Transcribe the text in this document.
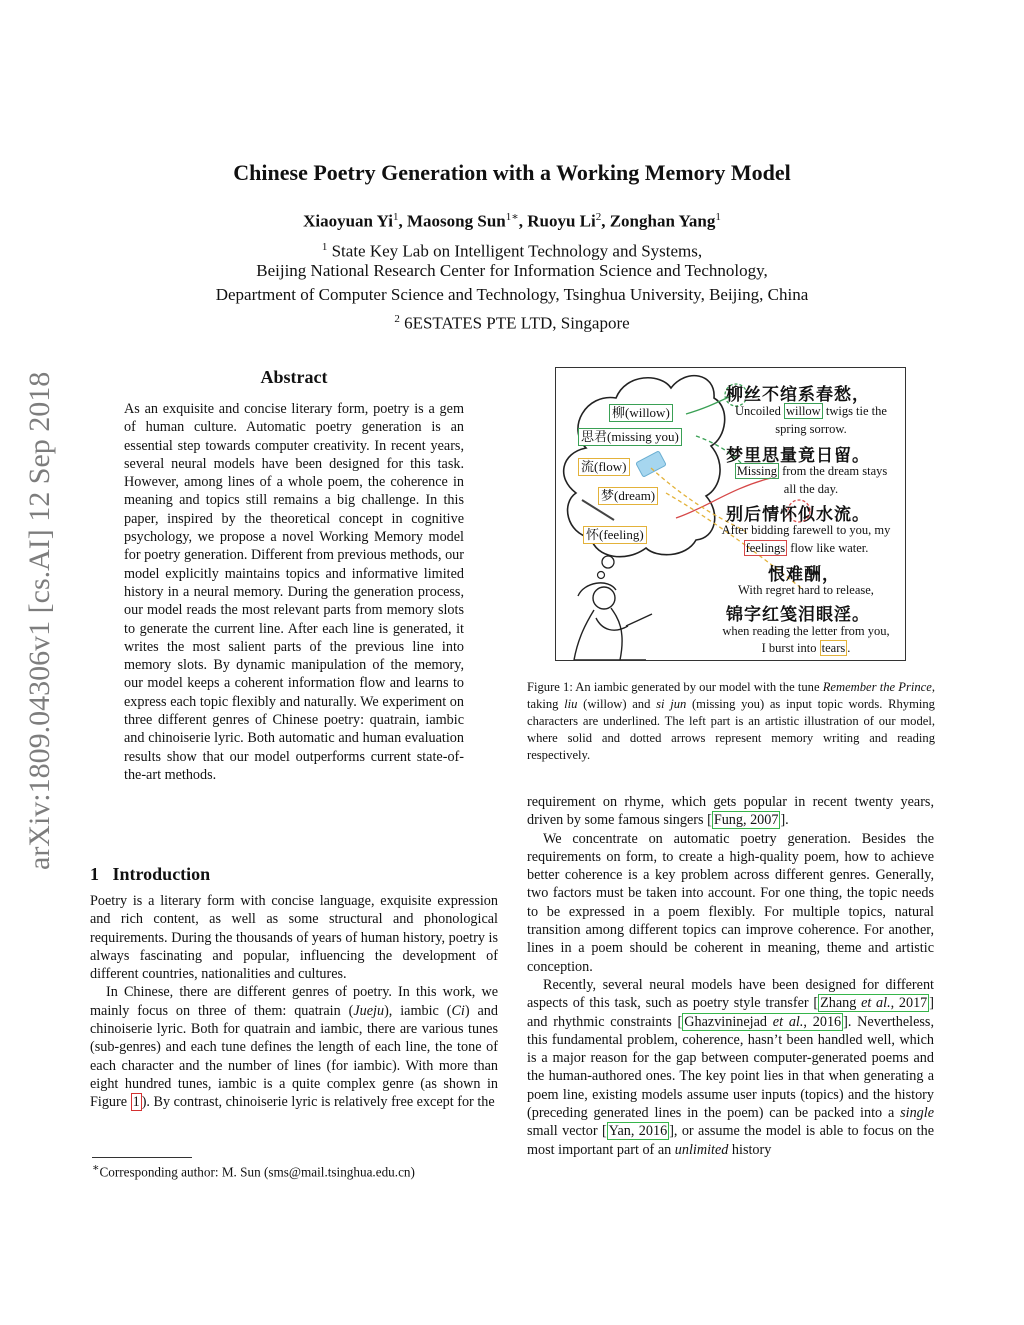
arXiv:1809.04306v1 [cs.AI] 12 Sep 2018
Chinese Poetry Generation with a Working Memory Model
Xiaoyuan Yi$^1$, Maosong Sun$^{1∗}$, Ruoyu Li$^2$, Zonghan Yang$^1$
$^1$ State Key Lab on Intelligent Technology and Systems,
Beijing National Research Center for Information Science and Technology,
Department of Computer Science and Technology, Tsinghua University, Beijing, China
$^2$ 6ESTATES PTE LTD, Singapore
Abstract

As an exquisite and concise literary form, poetry is a gem of human culture. Automatic poetry generation is an essential step towards computer creativity. In recent years, several neural models have been designed for this task. However, among lines of a whole poem, the coherence in meaning and topics still remains a big challenge. In this paper, inspired by the theoretical concept in cognitive psychology, we propose a novel Working Memory model for poetry generation. Different from previous methods, our model explicitly maintains topics and informative limited history in a neural memory. During the generation process, our model reads the most relevant parts from memory slots to generate the current line. After each line is generated, it writes the most salient parts of the previous line into memory slots. By dynamic manipulation of the memory, our model keeps a coherent information flow and learns to express each topic flexibly and naturally. We experiment on three different genres of Chinese poetry: quatrain, iambic and chinoiserie lyric. Both automatic and human evaluation results show that our model outperforms current state-of-the-art methods.

1 Introduction

Poetry is a literary form with concise language, exquisite expression and rich content, as well as some structural and phonological requirements. During the thousands of years of human history, poetry is always fascinating and popular, influencing the development of different countries, nationalities and cultures.

In Chinese, there are different genres of poetry. In this work, we mainly focus on three of them: quatrain (Jueju), iambic (Ci) and chinoiserie lyric. Both for quatrain and iambic, there are various tunes (sub-genres) and each tune defines the length of each line, the tone of each character and the number of lines (for iambic). With more than eight hundred tunes, iambic is a quite complex genre (as shown in Figure 1 ). By contrast, chinoiserie lyric is relatively free except for the

∗Corresponding author: M. Sun (sms@mail.tsinghua.edu.cn)
柳(willow)
思君(missing you)
流(flow)
梦(dream)
怀(feeling)
柳丝不绾系春愁，
Uncoiled willow twigs tie the
spring sorrow.
梦里思量竟日留。
Missing from the dream stays
all the day.
别后情怀似水流。
After bidding farewell to you, my
feelings flow like water.
恨难酬，
With regret hard to release,
锦字红笺泪眼淫。
when reading the letter from you,
I burst into tears .
Figure 1: An iambic generated by our model with the tune Remember the Prince, taking liu (willow) and si jun (missing you) as input topic words. Rhyming characters are underlined. The left part is an artistic illustration of our model, where solid and dotted arrows represent memory writing and reading respectively.

requirement on rhyme, which gets popular in recent twenty years, driven by some famous singers [ Fung, 2007 ].

We concentrate on automatic poetry generation. Besides the requirements on form, to create a high-quality poem, how to achieve better coherence is a key problem across different genres. Generally, two factors must be taken into account. For one thing, the topic needs to be expressed in a poem flexibly. For multiple topics, natural transition among different topics can improve coherence. For another, lines in a poem should be coherent in meaning, theme and artistic conception.

Recently, several neural models have been designed for different aspects of this task, such as poetry style transfer [ Zhang et al., 2017 ] and rhythmic constraints [ Ghazvininejad et al., 2016 ]. Nevertheless, this fundamental problem, coherence, hasn’t been handled well, which is a major reason for the gap between computer-generated poems and the human-authored ones. The key point lies in that when generating a poem line, existing models assume user inputs (topics) and the history (preceding generated lines in the poem) can be packed into a single small vector [ Yan, 2016 ], or assume the model is able to focus on the most important part of an unlimited history
